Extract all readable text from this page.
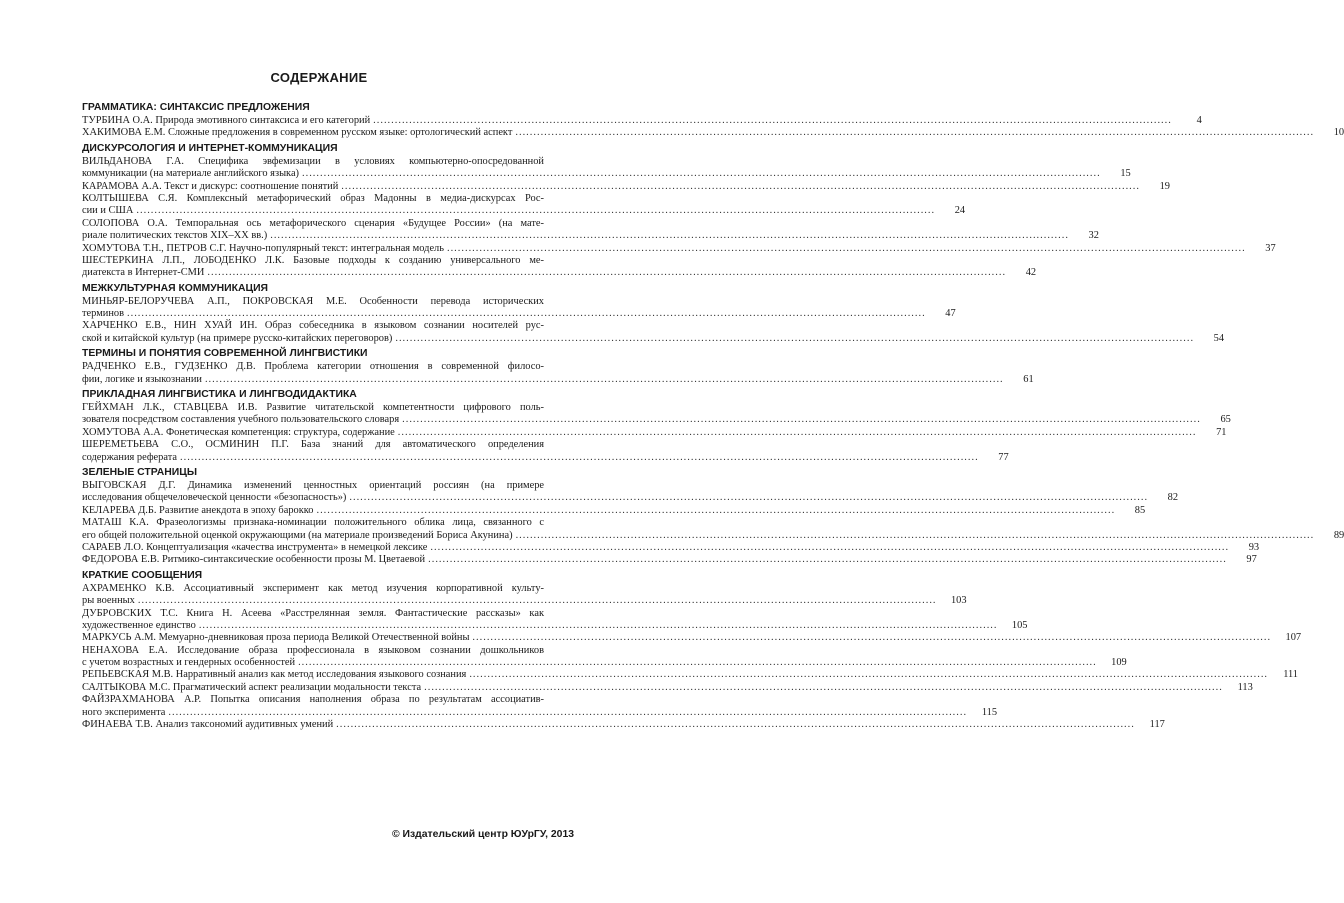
СОДЕРЖАНИЕ
ГРАММАТИКА: СИНТАКСИС ПРЕДЛОЖЕНИЯ
ТУРБИНА О.А. Природа эмотивного синтаксиса и его категорий .....	4
ХАКИМОВА Е.М. Сложные предложения в современном русском языке: ортологический аспект .....	10
ДИСКУРСОЛОГИЯ И ИНТЕРНЕТ-КОММУНИКАЦИЯ
ВИЛЬДАНОВА Г.А. Специфика эвфемизации в условиях компьютерно-опосредованной
коммуникации (на материале английского языка) .....	15
КАРАМОВА А.А. Текст и дискурс: соотношение понятий .....	19
КОЛТЫШЕВА С.Я. Комплексный метафорический образ Мадонны в медиа-дискурсах Рос-
сии и США .....	24
СОЛОПОВА О.А. Темпоральная ось метафорического сценария «Будущее России» (на мате-
риале политических текстов XIX–XX вв.) .....	32
ХОМУТОВА Т.Н., ПЕТРОВ С.Г. Научно-популярный текст: интегральная модель .....	37
ШЕСТЕРКИНА Л.П., ЛОБОДЕНКО Л.К. Базовые подходы к созданию универсального ме-
диатекста в Интернет-СМИ .....	42
МЕЖКУЛЬТУРНАЯ КОММУНИКАЦИЯ
МИНЬЯР-БЕЛОРУЧЕВА А.П., ПОКРОВСКАЯ М.Е. Особенности перевода исторических
терминов .....	47
ХАРЧЕНКО Е.В., НИН ХУАЙ ИН. Образ собеседника в языковом сознании носителей рус-
ской и китайской культур (на примере русско-китайских переговоров) .....	54
ТЕРМИНЫ И ПОНЯТИЯ СОВРЕМЕННОЙ ЛИНГВИСТИКИ
РАДЧЕНКО Е.В., ГУДЗЕНКО Д.В. Проблема категории отношения в современной филосо-
фии, логике и языкознании .....	61
ПРИКЛАДНАЯ ЛИНГВИСТИКА И ЛИНГВОДИДАКТИКА
ГЕЙХМАН Л.К., СТАВЦЕВА И.В. Развитие читательской компетентности цифрового поль-
зователя посредством составления учебного пользовательского словаря .....	65
ХОМУТОВА А.А. Фонетическая компетенция: структура, содержание .....	71
ШЕРЕМЕТЬЕВА С.О., ОСМИНИН П.Г. База знаний для автоматического определения
содержания реферата .....	77
ЗЕЛЕНЫЕ СТРАНИЦЫ
ВЫГОВСКАЯ Д.Г. Динамика изменений ценностных ориентаций россиян (на примере
исследования общечеловеческой ценности «безопасность») .....	82
КЕЛАРЕВА Д.Б. Развитие анекдота в эпоху барокко .....	85
МАТАШ К.А. Фразеологизмы признака-номинации положительного облика лица, связанного с
его общей положительной оценкой окружающими (на материале произведений Бориса Акунина) .....	89
САРАЕВ Л.О. Концептуализация «качества инструмента» в немецкой лексике .....	93
ФЕДОРОВА Е.В. Ритмико-синтаксические особенности прозы М. Цветаевой .....	97
КРАТКИЕ СООБЩЕНИЯ
АХРАМЕНКО К.В. Ассоциативный эксперимент как метод изучения корпоративной культу-
ры военных .....	103
ДУБРОВСКИХ Т.С. Книга Н. Асеева «Расстрелянная земля. Фантастические рассказы» как
художественное единство .....	105
МАРКУСЬ А.М. Мемуарно-дневниковая проза периода Великой Отечественной войны .....	107
НЕНАХОВА Е.А. Исследование образа профессионала в языковом сознании дошкольников
с учетом возрастных и гендерных особенностей .....	109
РЕПЬЕВСКАЯ М.В. Нарративный анализ как метод исследования языкового сознания .....	111
САЛТЫКОВА М.С. Прагматический аспект реализации модальности текста .....	113
ФАЙЗРАХМАНОВА А.Р. Попытка описания наполнения образа по результатам ассоциатив-
ного эксперимента .....	115
ФИНАЕВА Т.В. Анализ таксономий аудитивных умений .....	117
© Издательский центр ЮУрГУ, 2013
